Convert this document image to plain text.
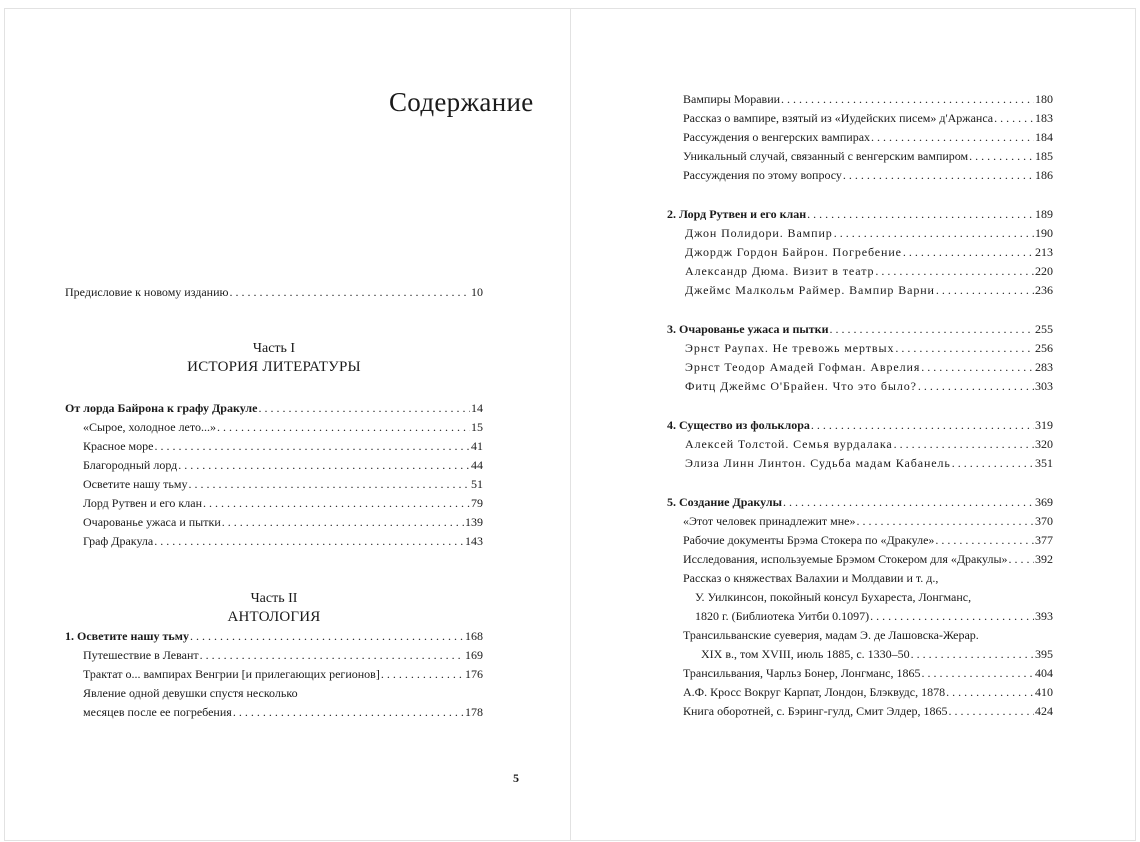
Содержание
Предисловие к новому изданию . . .	10
Часть I
ИСТОРИЯ ЛИТЕРАТУРЫ
От лорда Байрона к графу Дракуле . . .	14
«Сырое, холодное лето...» . . .	15
Красное море . . .	41
Благородный лорд . . .	44
Осветите нашу тьму . . .	51
Лорд Рутвен и его клан . . .	79
Очарованье ужаса и пытки . . .	139
Граф Дракула . . .	143
Часть II
АНТОЛОГИЯ
1. Осветите нашу тьму . . .	168
Путешествие в Левант . . .	169
Трактат о... вампирах Венгрии [и прилегающих регионов] . . .	176
Явление одной девушки спустя несколько
месяцев после ее погребения . . .	178
5
Вампиры Моравии . . .	180
Рассказ о вампире, взятый из «Иудейских писем» д'Аржанса . . .	183
Рассуждения о венгерских вампирах . . .	184
Уникальный случай, связанный с венгерским вампиром . . .	185
Рассуждения по этому вопросу . . .	186
2. Лорд Рутвен и его клан . . .	189
Джон Полидори. Вампир . . .	190
Джордж Гордон Байрон. Погребение . . .	213
Александр Дюма. Визит в театр . . .	220
Джеймс Малкольм Раймер. Вампир Варни . . .	236
3. Очарованье ужаса и пытки . . .	255
Эрнст Раупах. Не тревожь мертвых . . .	256
Эрнст Теодор Амадей Гофман. Аврелия . . .	283
Фитц Джеймс О'Брайен. Что это было? . . .	303
4. Существо из фольклора . . .	319
Алексей Толстой. Семья вурдалака . . .	320
Элиза Линн Линтон. Судьба мадам Кабанель . . .	351
5. Создание Дракулы . . .	369
«Этот человек принадлежит мне» . . .	370
Рабочие документы Брэма Стокера по «Дракуле» . . .	377
Исследования, используемые Брэмом Стокером для «Дракулы» . . . 392
Рассказ о княжествах Валахии и Молдавии и т. д.,
У. Уилкинсон, покойный консул Бухареста, Лонгманс,
1820 г. (Библиотека Уитби 0.1097) . . .	393
Трансильванские суеверия, мадам Э. де Лашовска-Жерар.
XIX в., том XVIII, июль 1885, с. 1330–50 . . .	395
Трансильвания, Чарльз Бонер, Лонгманс, 1865 . . .	404
А.Ф. Кросс Вокруг Карпат, Лондон, Блэквудс, 1878 . . .	410
Книга оборотней, с. Бэринг-гулд, Смит Элдер, 1865 . . .	424
